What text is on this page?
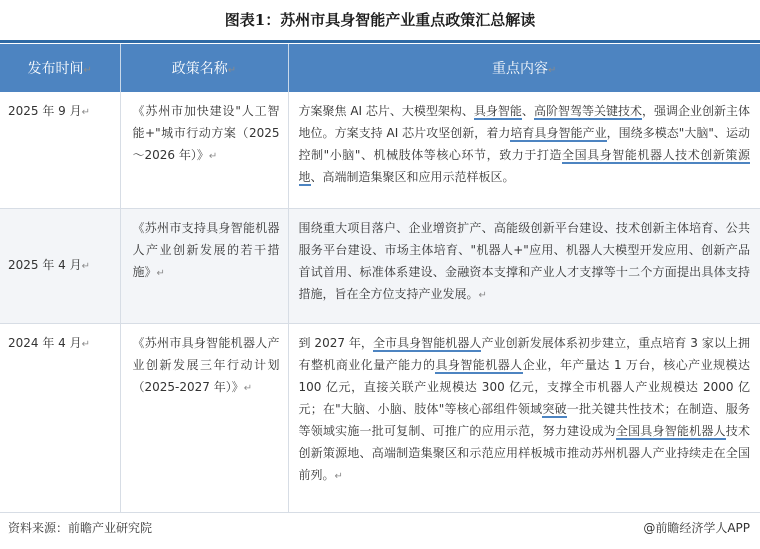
图表1：苏州市具身智能产业重点政策汇总解读
发布时间↵	政策名称↵	重点内容↵
2025 年 9 月↵	《苏州市加快建设"人工智能+"城市行动方案（2025～2026 年）》↵	方案聚焦 AI 芯片、大模型架构、具身智能、高阶智驾等关键技术，强调企业创新主体地位。方案支持 AI 芯片攻坚创新，着力培育具身智能产业，围绕多模态"大脑"、运动控制"小脑"、机械肢体等核心环节，致力于打造全国具身智能机器人技术创新策源地、高端制造集聚区和应用示范样板区。
2025 年 4 月↵	《苏州市支持具身智能机器人产业创新发展的若干措施》↵	围绕重大项目落户、企业增资扩产、高能级创新平台建设、技术创新主体培育、公共服务平台建设、市场主体培育、"机器人+"应用、机器人大模型开发应用、创新产品首试首用、标准体系建设、金融资本支撑和产业人才支撑等十二个方面提出具体支持措施，旨在全方位支持产业发展。↵
2024 年 4 月↵	《苏州市具身智能机器人产业创新发展三年行动计划（2025-2027 年）》↵	到 2027 年，全市具身智能机器人产业创新发展体系初步建立，重点培育 3 家以上拥有整机商业化量产能力的具身智能机器人企业，年产量达 1 万台，核心产业规模达 100 亿元，直接关联产业规模达 300 亿元，支撑全市机器人产业规模达 2000 亿元；在"大脑、小脑、肢体"等核心部组件领域突破一批关键共性技术；在制造、服务等领域实施一批可复制、可推广的应用示范，努力建设成为全国具身智能机器人技术创新策源地、高端制造集聚区和示范应用样板城市推动苏州机器人产业持续走在全国前列。↵
资料来源：前瞻产业研究院	@前瞻经济学人APP
